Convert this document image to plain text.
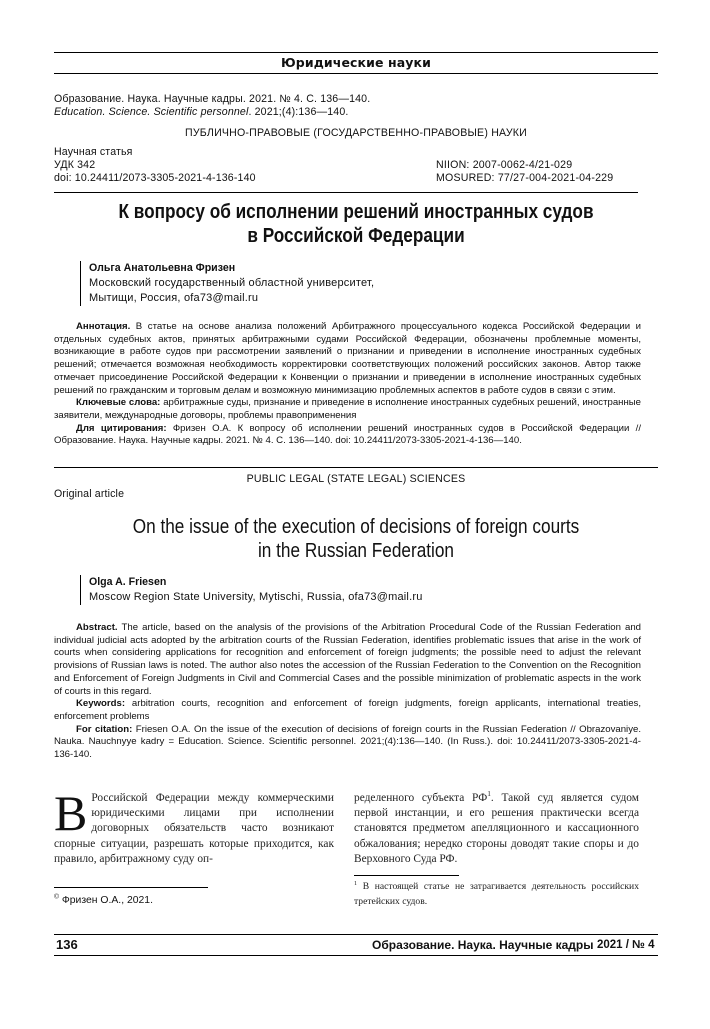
Юридические науки
Образование. Наука. Научные кадры. 2021. № 4. С. 136—140.
Education. Science. Scientific personnel. 2021;(4):136—140.
ПУБЛИЧНО-ПРАВОВЫЕ (ГОСУДАРСТВЕННО-ПРАВОВЫЕ) НАУКИ
Научная статья
УДК 342
doi: 10.24411/2073-3305-2021-4-136-140
NIION: 2007-0062-4/21-029
MOSURED: 77/27-004-2021-04-229
К вопросу об исполнении решений иностранных судов
в Российской Федерации
Ольга Анатольевна Фризен
Московский государственный областной университет,
Мытищи, Россия, ofa73@mail.ru

Аннотация. В статье на основе анализа положений Арбитражного процессуального кодекса Российской Федерации и отдельных судебных актов, принятых арбитражными судами Российской Федерации, обозначены проблемные моменты, возникающие в работе судов при рассмотрении заявлений о признании и приведении в исполнение иностранных судебных решений; отмечается возможная необходимость корректировки соответствующих положений российских законов. Автор также отмечает присоединение Российской Федерации к Конвенции о признании и приведении в исполнение иностранных судебных решений по гражданским и торговым делам и возможную минимизацию проблемных аспектов в работе судов в связи с этим.

Ключевые слова: арбитражные суды, признание и приведение в исполнение иностранных судебных решений, иностранные заявители, международные договоры, проблемы правоприменения

Для цитирования: Фризен О.А. К вопросу об исполнении решений иностранных судов в Российской Федерации // Образование. Наука. Научные кадры. 2021. № 4. С. 136—140. doi: 10.24411/2073-3305-2021-4-136—140.

PUBLIC LEGAL (STATE LEGAL) SCIENCES
Original article
On the issue of the execution of decisions of foreign courts
in the Russian Federation
Olga A. Friesen
Moscow Region State University, Mytischi, Russia, ofa73@mail.ru

Abstract. The article, based on the analysis of the provisions of the Arbitration Procedural Code of the Russian Federation and individual judicial acts adopted by the arbitration courts of the Russian Federation, identifies problematic issues that arise in the work of courts when considering applications for recognition and enforcement of foreign judgments; the possible need to adjust the relevant provisions of Russian laws is noted. The author also notes the accession of the Russian Federation to the Convention on the Recognition and Enforcement of Foreign Judgments in Civil and Commercial Cases and the possible minimization of problematic aspects in the work of courts in this regard.

Keywords: arbitration courts, recognition and enforcement of foreign judgments, foreign applicants, international treaties, enforcement problems

For citation: Friesen O.A. On the issue of the execution of decisions of foreign courts in the Russian Federation // Obrazovaniye. Nauka. Nauchnyye kadry = Education. Science. Scientific personnel. 2021;(4):136—140. (In Russ.). doi: 10.24411/2073-3305-2021-4-136-140.

В Российской Федерации между коммерческими юридическими лицами при исполнении договорных обязательств часто возникают спорные ситуации, разрешать которые приходится, как правило, арбитражному суду оп-
ределенного субъекта $РФ^1$. Такой суд является судом первой инстанции, и его решения практически всегда становятся предметом апелляционного и кассационного обжалования; нередко стороны доводят такие споры и до Верховного Суда РФ.
$^1$ В настоящей статье не затрагивается деятельность российских третейских судов.
© Фризен О.А., 2021.
136	Образование. Наука. Научные кадры 2021 / № 4
